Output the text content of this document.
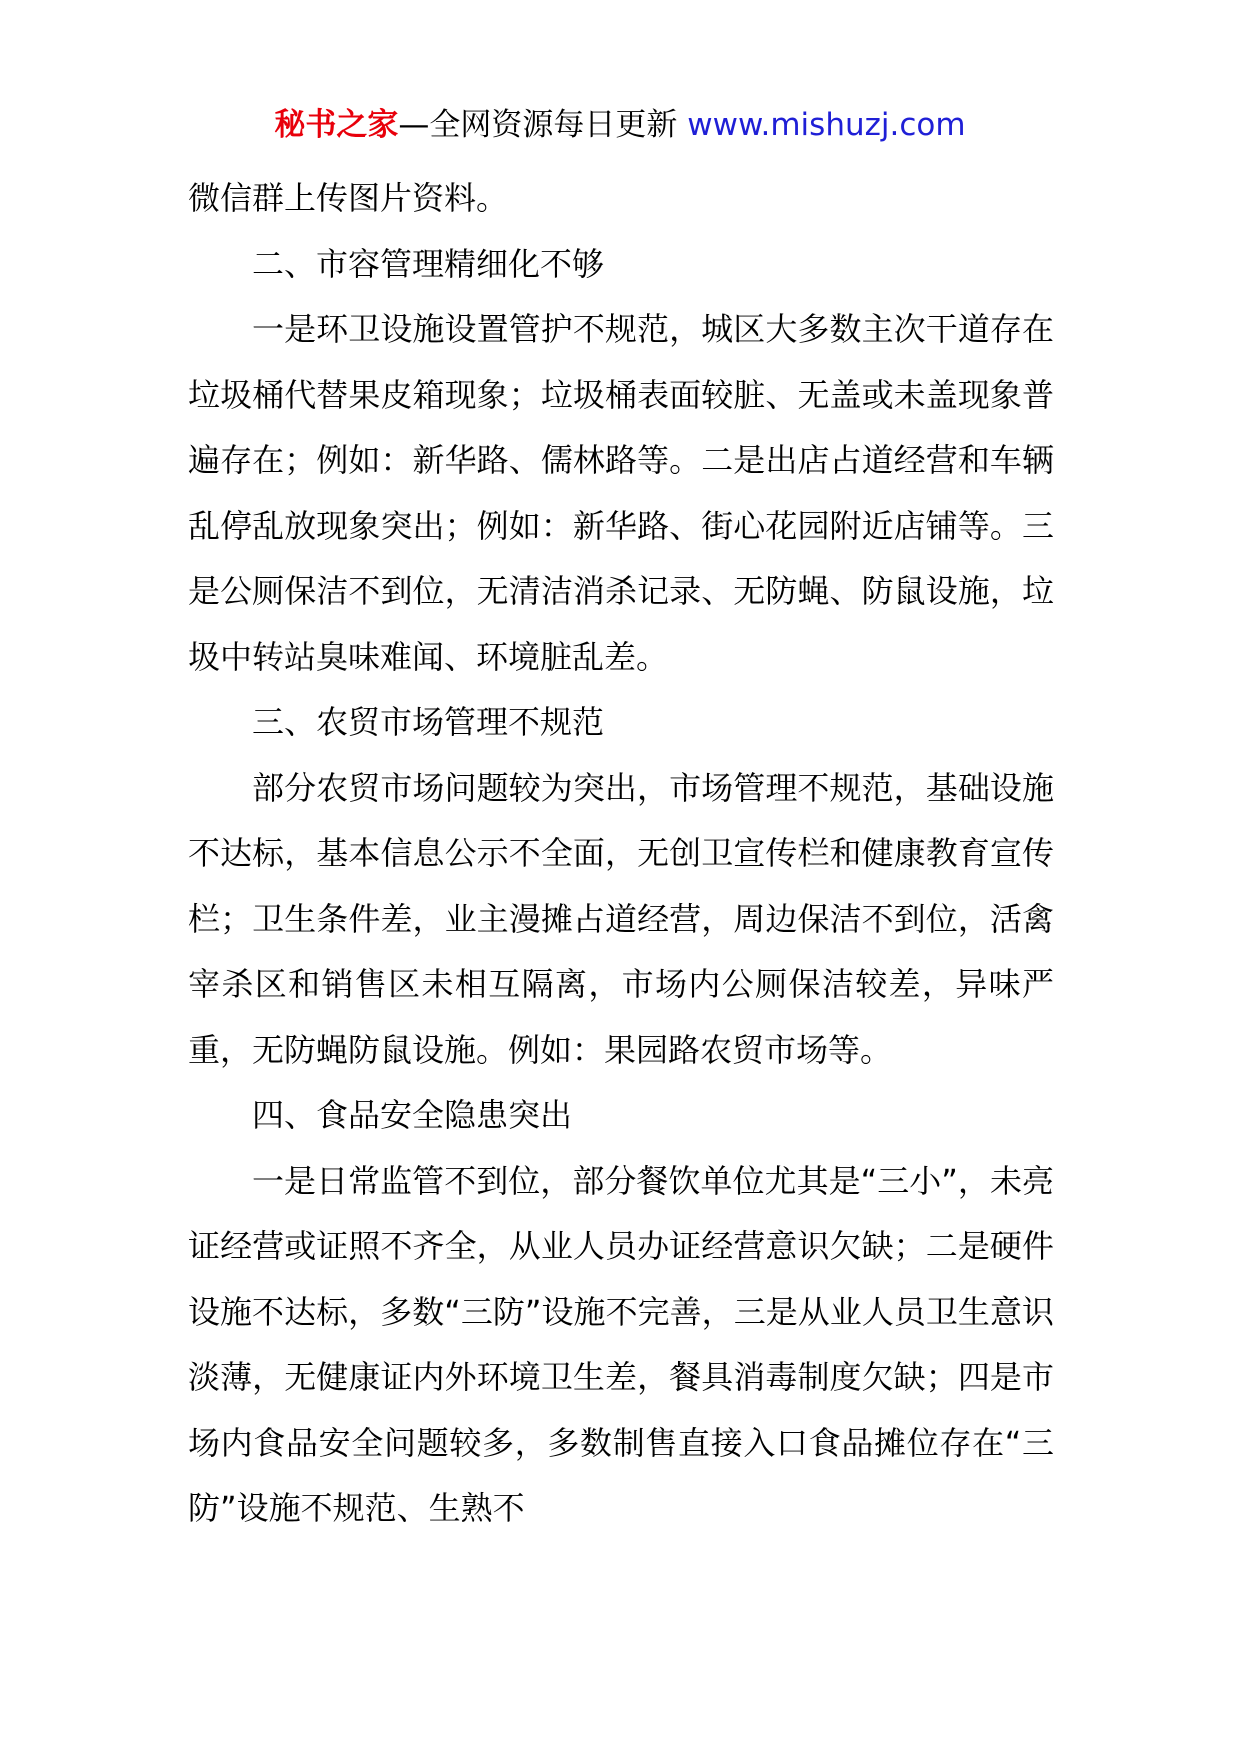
秘书之家—全网资源每日更新 www.mishuzj.com

微信群上传图片资料。

二、市容管理精细化不够

一是环卫设施设置管护不规范，城区大多数主次干道存在垃圾桶代替果皮箱现象；垃圾桶表面较脏、无盖或未盖现象普遍存在；例如：新华路、儒林路等。二是出店占道经营和车辆乱停乱放现象突出；例如：新华路、街心花园附近店铺等。三是公厕保洁不到位，无清洁消杀记录、无防蝇、防鼠设施，垃圾中转站臭味难闻、环境脏乱差。

三、农贸市场管理不规范

部分农贸市场问题较为突出，市场管理不规范，基础设施不达标，基本信息公示不全面，无创卫宣传栏和健康教育宣传栏；卫生条件差，业主漫摊占道经营，周边保洁不到位，活禽宰杀区和销售区未相互隔离，市场内公厕保洁较差，异味严重，无防蝇防鼠设施。例如：果园路农贸市场等。

四、食品安全隐患突出

一是日常监管不到位，部分餐饮单位尤其是“三小”，未亮证经营或证照不齐全，从业人员办证经营意识欠缺；二是硬件设施不达标，多数“三防”设施不完善，三是从业人员卫生意识淡薄，无健康证内外环境卫生差，餐具消毒制度欠缺；四是市场内食品安全问题较多，多数制售直接入口食品摊位存在“三防”设施不规范、生熟不
